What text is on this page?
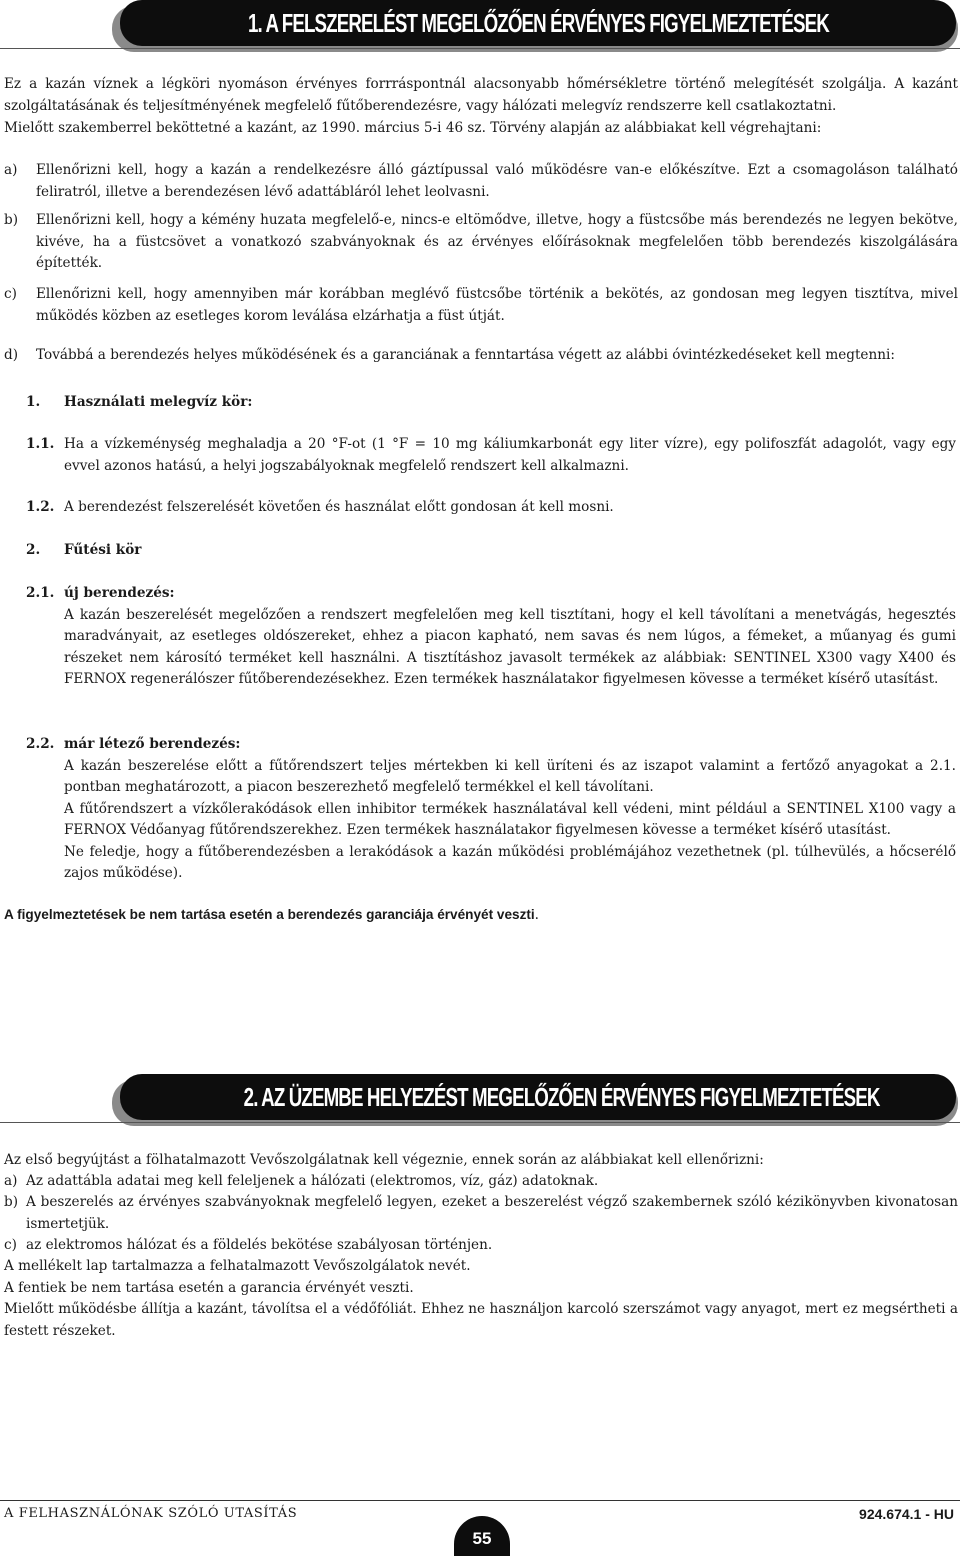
1. A FELSZERELÉST MEGELŐZŐEN ÉRVÉNYES FIGYELMEZTETÉSEK
Ez a kazán víznek a légköri nyomáson érvényes forrráspontnál alacsonyabb hőmérsékletre történő melegítését szolgálja. A kazánt szolgáltatásának és teljesítményének megfelelő fűtőberendezésre, vagy hálózati melegvíz rendszerre kell csatlakoztatni.
Mielőtt szakemberrel beköttetné a kazánt, az 1990. március 5-i 46 sz. Törvény alapján az alábbiakat kell végrehajtani:
a) Ellenőrizni kell, hogy a kazán a rendelkezésre álló gáztípussal való működésre van-e előkészítve. Ezt a csomagoláson található feliratról, illetve a berendezésen lévő adattábláról lehet leolvasni.
b) Ellenőrizni kell, hogy a kémény huzata megfelelő-e, nincs-e eltömődve, illetve, hogy a füstcsőbe más berendezés ne legyen bekötve, kivéve, ha a füstcsövet a vonatkozó szabványoknak és az érvényes előírásoknak megfelelően több berendezés kiszolgálására építették.
c) Ellenőrizni kell, hogy amennyiben már korábban meglévő füstcsőbe történik a bekötés, az gondosan meg legyen tisztítva, mivel működés közben az esetleges korom leválása elzárhatja a füst útját.
d) Továbbá a berendezés helyes működésének és a garanciának a fenntartása végett az alábbi óvintézkedéseket kell megtenni:
1. Használati melegvíz kör:
1.1. Ha a vízkeménység meghaladja a 20 °F-ot (1 °F = 10 mg káliumkarbonát egy liter vízre), egy polifoszfát adagolót, vagy egy evvel azonos hatású, a helyi jogszabályoknak megfelelő rendszert kell alkalmazni.
1.2. A berendezést felszerelését követően és használat előtt gondosan át kell mosni.
2. Fűtési kör
2.1. új berendezés:
A kazán beszerelését megelőzően a rendszert megfelelően meg kell tisztítani, hogy el kell távolítani a menetvágás, hegesztés maradványait, az esetleges oldószereket, ehhez a piacon kapható, nem savas és nem lúgos, a fémeket, a műanyag és gumi részeket nem károsító terméket kell használni. A tisztításhoz javasolt termékek az alábbiak: SENTINEL X300 vagy X400 és FERNOX regenerálószer fűtőberendezésekhez. Ezen termékek használatakor figyelmesen kövesse a terméket kísérő utasítást.
2.2. már létező berendezés:
A kazán beszerelése előtt a fűtőrendszert teljes mértekben ki kell üríteni és az iszapot valamint a fertőző anyagokat a 2.1. pontban meghatározott, a piacon beszerezhető megfelelő termékkel el kell távolítani.
A fűtőrendszert a vízkőlerakódások ellen inhibitor termékek használatával kell védeni, mint például a SENTINEL X100 vagy a FERNOX Védőanyag fűtőrendszerekhez. Ezen termékek használatakor figyelmesen kövesse a terméket kísérő utasítást.
Ne feledje, hogy a fűtőberendezésben a lerakódások a kazán működési problémájához vezethetnek (pl. túlhevülés, a hőcserélő zajos működése).
A figyelmeztetések be nem tartása esetén a berendezés garanciája érvényét veszti.
2. AZ ÜZEMBE HELYEZÉST MEGELŐZŐEN ÉRVÉNYES FIGYELMEZTETÉSEK
Az első begyújtást a fölhatalmazott Vevőszolgálatnak kell végeznie, ennek során az alábbiakat kell ellenőrizni:
a) Az adattábla adatai meg kell feleljenek a hálózati (elektromos, víz, gáz) adatoknak.
b) A beszerelés az érvényes szabványoknak megfelelő legyen, ezeket a beszerelést végző szakembernek szóló kézikönyvben kivonatosan ismertetjük.
c) az elektromos hálózat és a földelés bekötése szabályosan történjen.
A mellékelt lap tartalmazza a felhatalmazott Vevőszolgálatok nevét.
A fentiek be nem tartása esetén a garancia érvényét veszti.
Mielőtt működésbe állítja a kazánt, távolítsa el a védőfóliát. Ehhez ne használjon karcoló szerszámot vagy anyagot, mert ez megsértheti a festett részeket.
A FELHASZNÁLÓNAK SZÓLÓ UTASÍTÁS
55
924.674.1 - HU
